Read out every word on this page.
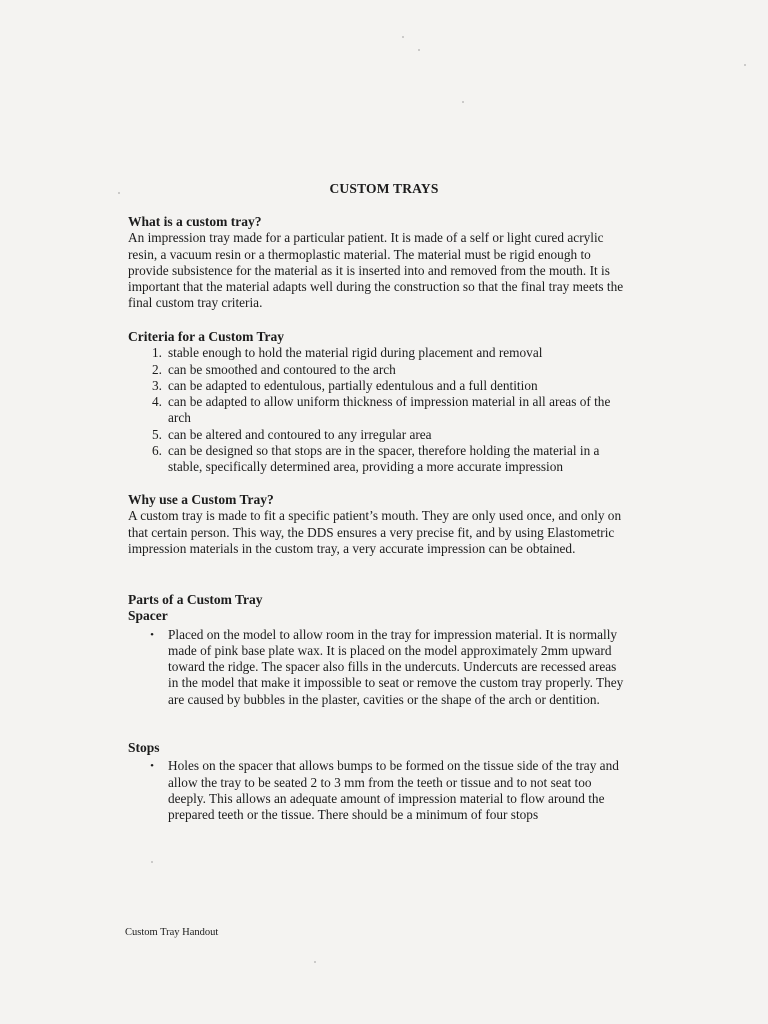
CUSTOM TRAYS
What is a custom tray?

An impression tray made for a particular patient. It is made of a self or light cured acrylic resin, a vacuum resin or a thermoplastic material. The material must be rigid enough to provide subsistence for the material as it is inserted into and removed from the mouth. It is important that the material adapts well during the construction so that the final tray meets the final custom tray criteria.

Criteria for a Custom Tray
1. stable enough to hold the material rigid during placement and removal
2. can be smoothed and contoured to the arch
3. can be adapted to edentulous, partially edentulous and a full dentition
4. can be adapted to allow uniform thickness of impression material in all areas of the arch
5. can be altered and contoured to any irregular area
6. can be designed so that stops are in the spacer, therefore holding the material in a stable, specifically determined area, providing a more accurate impression
Why use a Custom Tray?

A custom tray is made to fit a specific patient’s mouth. They are only used once, and only on that certain person. This way, the DDS ensures a very precise fit, and by using Elastometric impression materials in the custom tray, a very accurate impression can be obtained.

Parts of a Custom Tray
Spacer
•	Placed on the model to allow room in the tray for impression material. It is normally made of pink base plate wax. It is placed on the model approximately 2mm upward toward the ridge. The spacer also fills in the undercuts. Undercuts are recessed areas in the model that make it impossible to seat or remove the custom tray properly. They are caused by bubbles in the plaster, cavities or the shape of the arch or dentition.
Stops
•	Holes on the spacer that allows bumps to be formed on the tissue side of the tray and allow the tray to be seated 2 to 3 mm from the teeth or tissue and to not seat too deeply. This allows an adequate amount of impression material to flow around the prepared teeth or the tissue. There should be a minimum of four stops
Custom Tray Handout
